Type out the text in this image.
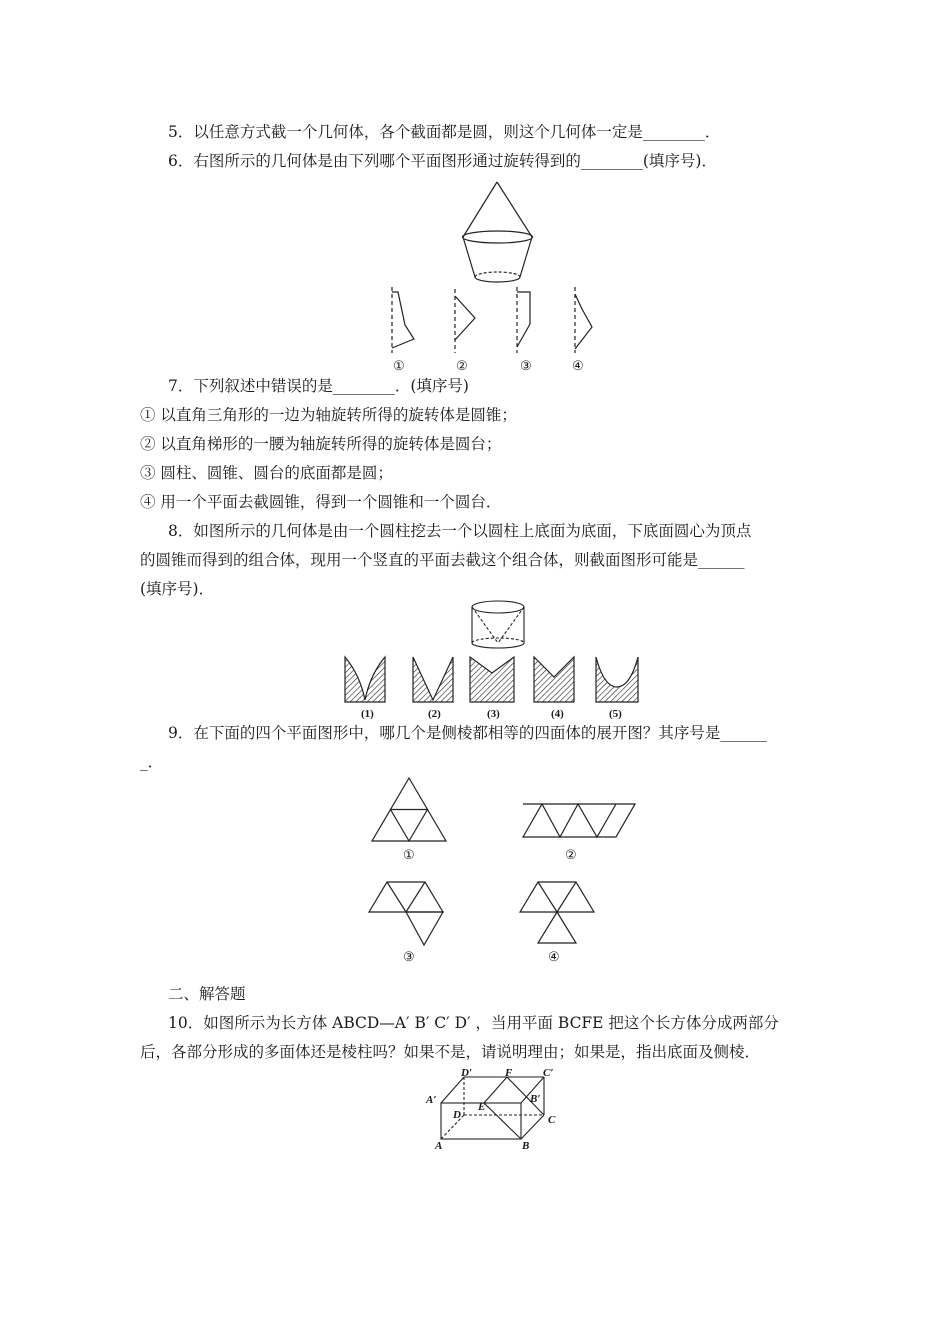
5．以任意方式截一个几何体，各个截面都是圆，则这个几何体一定是________．
6．右图所示的几何体是由下列哪个平面图形通过旋转得到的________(填序号)．
①	②	③	④
7．下列叙述中错误的是________．(填序号)
① 以直角三角形的一边为轴旋转所得的旋转体是圆锥；
② 以直角梯形的一腰为轴旋转所得的旋转体是圆台；
③ 圆柱、圆锥、圆台的底面都是圆；
④ 用一个平面去截圆锥，得到一个圆锥和一个圆台．
8．如图所示的几何体是由一个圆柱挖去一个以圆柱上底面为底面，下底面圆心为顶点
的圆锥而得到的组合体，现用一个竖直的平面去截这个组合体，则截面图形可能是______
(填序号)．
(1)	(2)	(3)	(4)	(5)
9．在下面的四个平面图形中，哪几个是侧棱都相等的四面体的展开图？其序号是______
_．
①	②
③	④
二、解答题
10．如图所示为长方体 ABCD—A′ B′ C′ D′ ，当用平面 BCFE 把这个长方体分成两部分
后，各部分形成的多面体还是棱柱吗？如果不是，请说明理由；如果是，指出底面及侧棱．
D′	F	C′
A′	B′
E
D	C
A	B
